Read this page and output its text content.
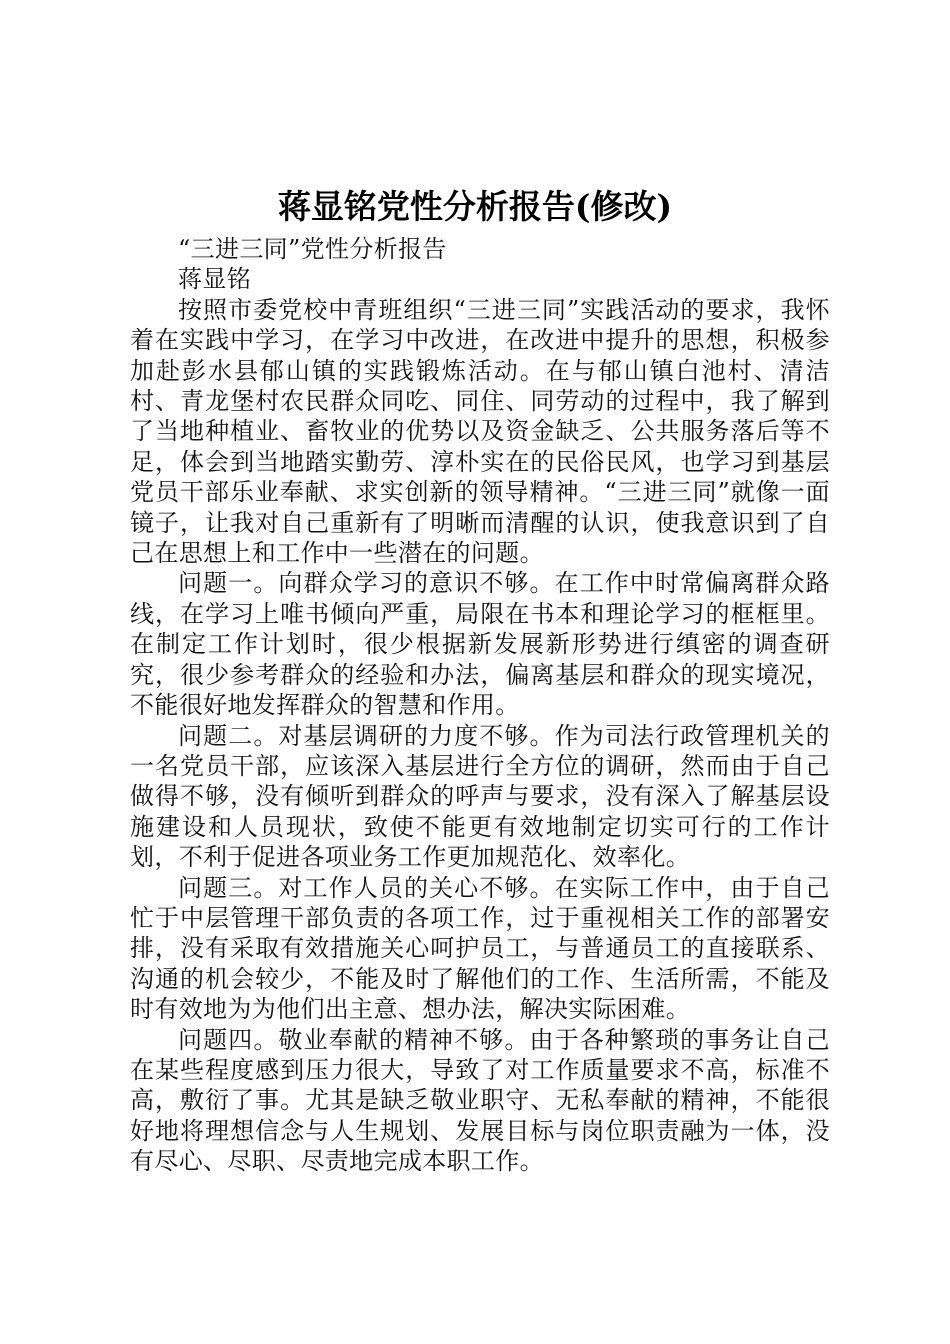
蒋显铭党性分析报告(修改)

“三进三同”党性分析报告

蒋显铭

按照市委党校中青班组织“三进三同”实践活动的要求，我怀着在实践中学习，在学习中改进，在改进中提升的思想，积极参加赴彭水县郁山镇的实践锻炼活动。在与郁山镇白池村、清洁村、青龙堡村农民群众同吃、同住、同劳动的过程中，我了解到了当地种植业、畜牧业的优势以及资金缺乏、公共服务落后等不足，体会到当地踏实勤劳、淳朴实在的民俗民风，也学习到基层党员干部乐业奉献、求实创新的领导精神。“三进三同”就像一面镜子，让我对自己重新有了明晰而清醒的认识，使我意识到了自己在思想上和工作中一些潜在的问题。

问题一。向群众学习的意识不够。在工作中时常偏离群众路线，在学习上唯书倾向严重，局限在书本和理论学习的框框里。在制定工作计划时，很少根据新发展新形势进行缜密的调查研究，很少参考群众的经验和办法，偏离基层和群众的现实境况，不能很好地发挥群众的智慧和作用。

问题二。对基层调研的力度不够。作为司法行政管理机关的一名党员干部，应该深入基层进行全方位的调研，然而由于自己做得不够，没有倾听到群众的呼声与要求，没有深入了解基层设施建设和人员现状，致使不能更有效地制定切实可行的工作计划，不利于促进各项业务工作更加规范化、效率化。

问题三。对工作人员的关心不够。在实际工作中，由于自己忙于中层管理干部负责的各项工作，过于重视相关工作的部署安排，没有采取有效措施关心呵护员工，与普通员工的直接联系、沟通的机会较少，不能及时了解他们的工作、生活所需，不能及时有效地为为他们出主意、想办法，解决实际困难。

问题四。敬业奉献的精神不够。由于各种繁琐的事务让自己在某些程度感到压力很大，导致了对工作质量要求不高，标准不高，敷衍了事。尤其是缺乏敬业职守、无私奉献的精神，不能很好地将理想信念与人生规划、发展目标与岗位职责融为一体，没有尽心、尽职、尽责地完成本职工作。
